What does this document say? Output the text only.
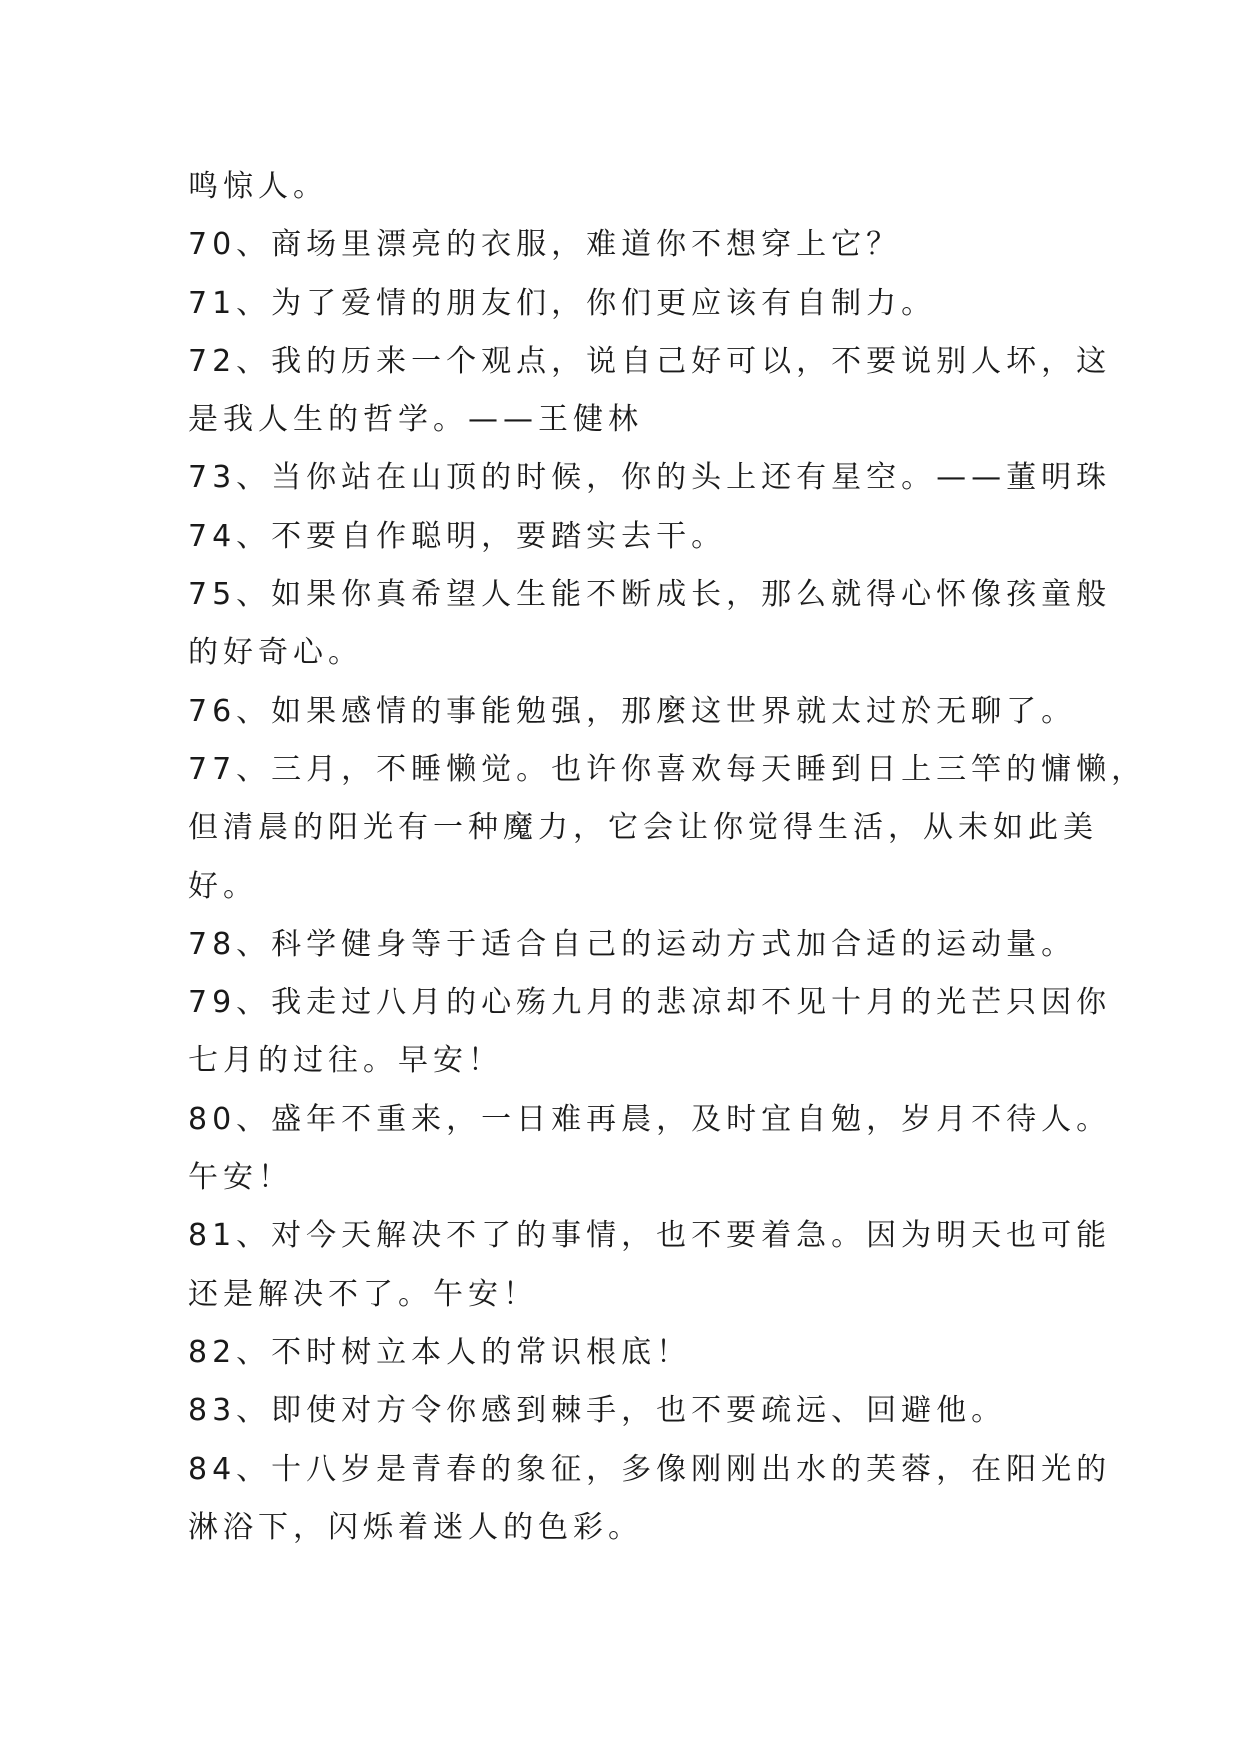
鸣惊人。
70、商场里漂亮的衣服，难道你不想穿上它？
71、为了爱情的朋友们，你们更应该有自制力。
72、我的历来一个观点，说自己好可以，不要说别人坏，这
是我人生的哲学。——王健林
73、当你站在山顶的时候，你的头上还有星空。——董明珠
74、不要自作聪明，要踏实去干。
75、如果你真希望人生能不断成长，那么就得心怀像孩童般
的好奇心。
76、如果感情的事能勉强，那麼这世界就太过於无聊了。
77、三月，不睡懒觉。也许你喜欢每天睡到日上三竿的慵懒，
但清晨的阳光有一种魔力，它会让你觉得生活，从未如此美
好。
78、科学健身等于适合自己的运动方式加合适的运动量。
79、我走过八月的心殇九月的悲凉却不见十月的光芒只因你
七月的过往。早安！
80、盛年不重来，一日难再晨，及时宜自勉，岁月不待人。
午安！
81、对今天解决不了的事情，也不要着急。因为明天也可能
还是解决不了。午安！
82、不时树立本人的常识根底！
83、即使对方令你感到棘手，也不要疏远、回避他。
84、十八岁是青春的象征，多像刚刚出水的芙蓉，在阳光的
淋浴下，闪烁着迷人的色彩。
